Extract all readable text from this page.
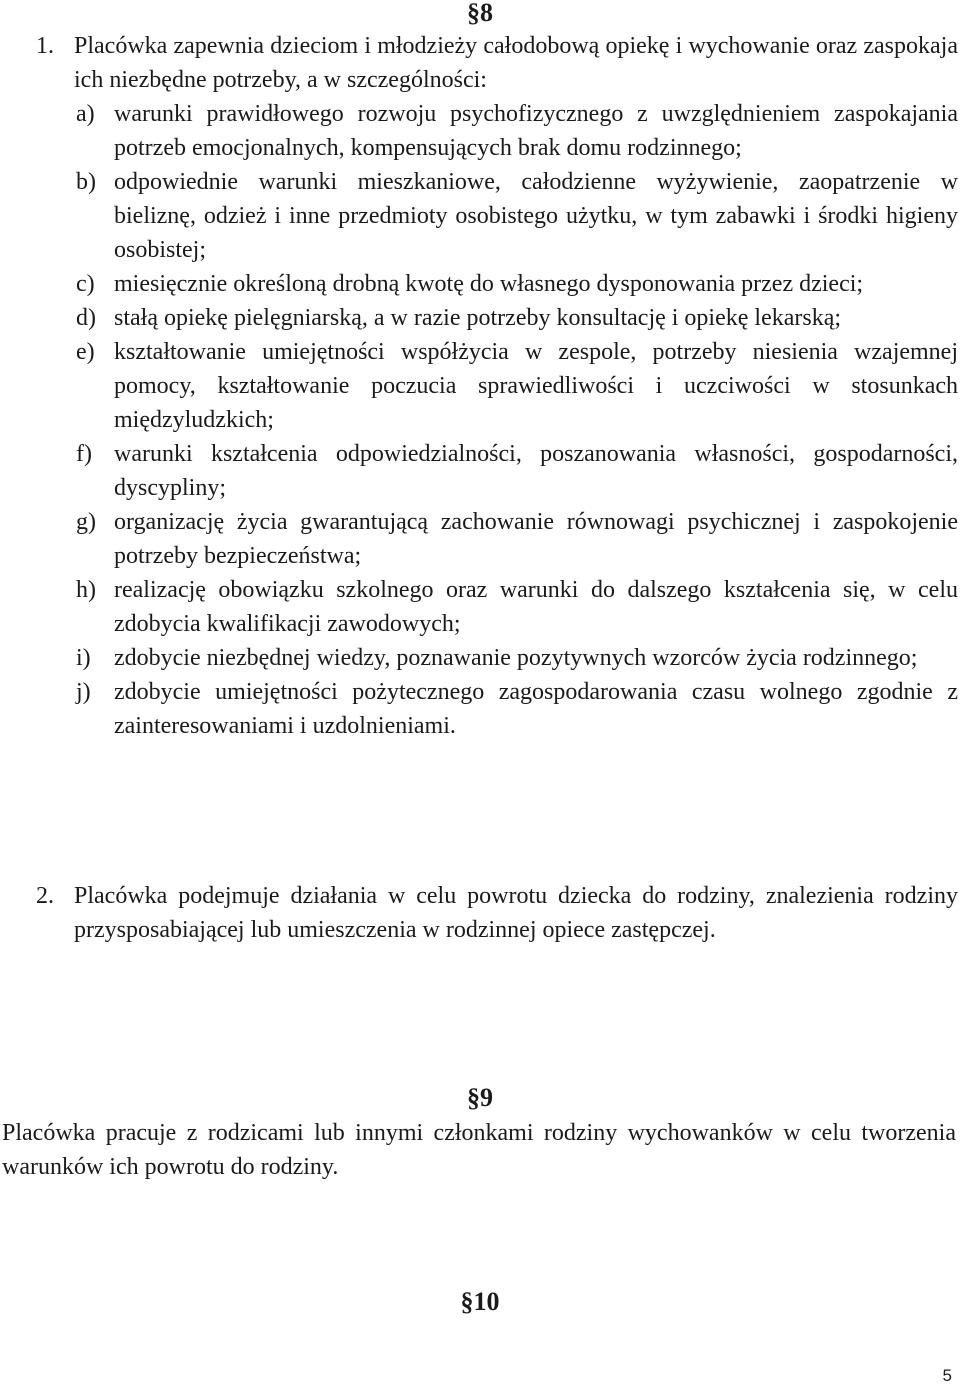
§8
1. Placówka zapewnia dzieciom i młodzieży całodobową opiekę i wychowanie oraz zaspokaja ich niezbędne potrzeby, a w szczególności:
a) warunki prawidłowego rozwoju psychofizycznego z uwzględnieniem zaspokajania potrzeb emocjonalnych, kompensujących brak domu rodzinnego;
b) odpowiednie warunki mieszkaniowe, całodzienne wyżywienie, zaopatrzenie w bieliznę, odzież i inne przedmioty osobistego użytku, w tym zabawki i środki higieny osobistej;
c) miesięcznie określoną drobną kwotę do własnego dysponowania przez dzieci;
d) stałą opiekę pielęgniarską, a w razie potrzeby konsultację i opiekę lekarską;
e) kształtowanie umiejętności współżycia w zespole, potrzeby niesienia wzajemnej pomocy, kształtowanie poczucia sprawiedliwości i uczciwości w stosunkach międzyludzkich;
f) warunki kształcenia odpowiedzialności, poszanowania własności, gospodarności, dyscypliny;
g) organizację życia gwarantującą zachowanie równowagi psychicznej i zaspokojenie potrzeby bezpieczeństwa;
h) realizację obowiązku szkolnego oraz warunki do dalszego kształcenia się, w celu zdobycia kwalifikacji zawodowych;
i) zdobycie niezbędnej wiedzy, poznawanie pozytywnych wzorców życia rodzinnego;
j) zdobycie umiejętności pożytecznego zagospodarowania czasu wolnego zgodnie z zainteresowaniami i uzdolnieniami.
2. Placówka podejmuje działania w celu powrotu dziecka do rodziny, znalezienia rodziny przysposabiającej lub umieszczenia w rodzinnej opiece zastępczej.
§9
Placówka pracuje z rodzicami lub innymi członkami rodziny wychowanków w celu tworzenia warunków ich powrotu do rodziny.
§10
5
